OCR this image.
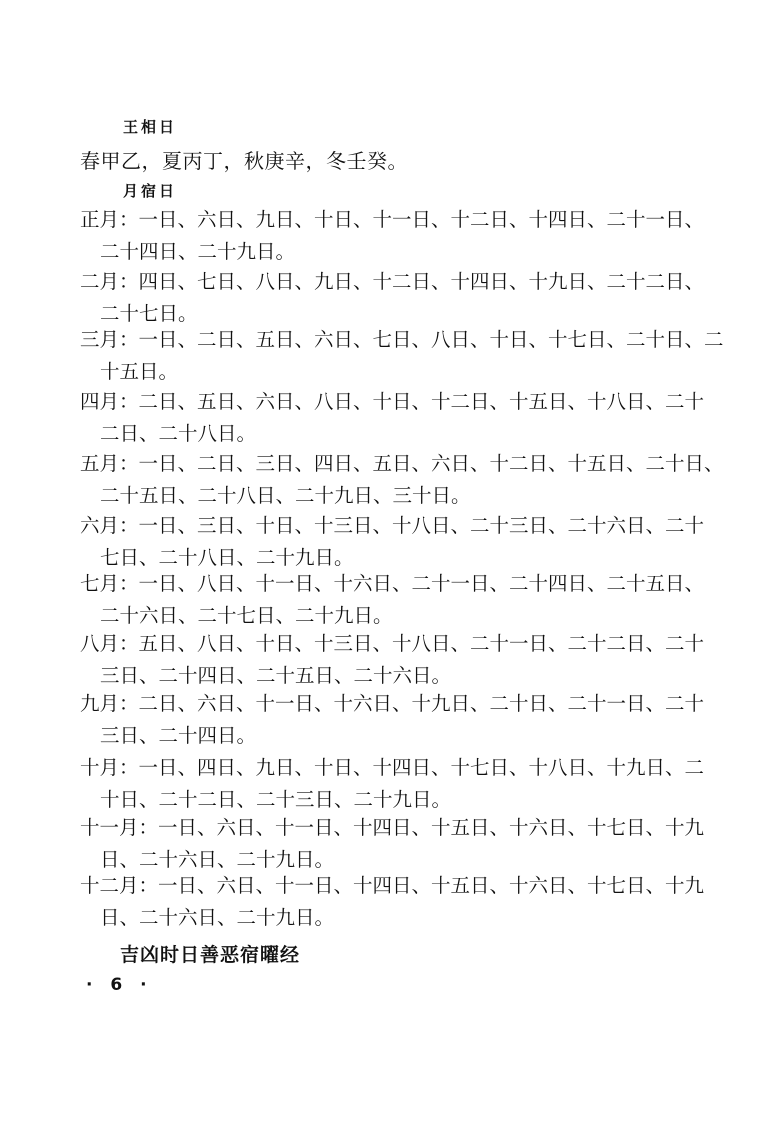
王相日
春甲乙，夏丙丁，秋庚辛，冬壬癸。
月宿日
正月：一日、六日、九日、十日、十一日、十二日、十四日、二十一日、
二十四日、二十九日。
二月：四日、七日、八日、九日、十二日、十四日、十九日、二十二日、
二十七日。
三月：一日、二日、五日、六日、七日、八日、十日、十七日、二十日、二
十五日。
四月：二日、五日、六日、八日、十日、十二日、十五日、十八日、二十
二日、二十八日。
五月：一日、二日、三日、四日、五日、六日、十二日、十五日、二十日、
二十五日、二十八日、二十九日、三十日。
六月：一日、三日、十日、十三日、十八日、二十三日、二十六日、二十
七日、二十八日、二十九日。
七月：一日、八日、十一日、十六日、二十一日、二十四日、二十五日、
二十六日、二十七日、二十九日。
八月：五日、八日、十日、十三日、十八日、二十一日、二十二日、二十
三日、二十四日、二十五日、二十六日。
九月：二日、六日、十一日、十六日、十九日、二十日、二十一日、二十
三日、二十四日。
十月：一日、四日、九日、十日、十四日、十七日、十八日、十九日、二
十日、二十二日、二十三日、二十九日。
十一月：一日、六日、十一日、十四日、十五日、十六日、十七日、十九
日、二十六日、二十九日。
十二月：一日、六日、十一日、十四日、十五日、十六日、十七日、十九
日、二十六日、二十九日。
吉凶时日善恶宿曜经
· 6 ·
